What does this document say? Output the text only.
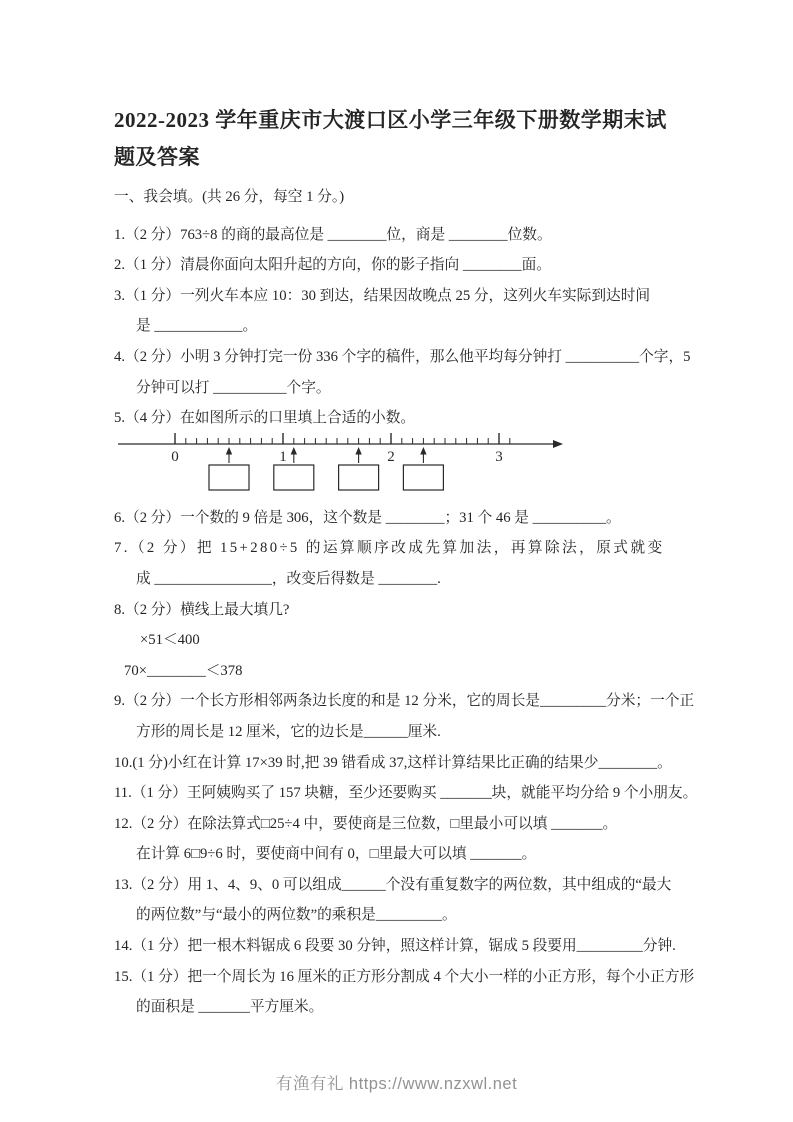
2022-2023 学年重庆市大渡口区小学三年级下册数学期末试
题及答案

一、我会填。(共 26 分，每空 1 分。)

1.（2 分）763÷8 的商的最高位是 ________位，商是 ________位数。

2.（1 分）清晨你面向太阳升起的方向，你的影子指向 ________面。

3.（1 分）一列火车本应 10：30 到达，结果因故晚点 25 分，这列火车实际到达时间

是 ____________。

4.（2 分）小明 3 分钟打完一份 336 个字的稿件，那么他平均每分钟打 __________个字，5

分钟可以打 __________个字。

5.（4 分）在如图所示的口里填上合适的小数。

0	1	2	3

6.（2 分）一个数的 9 倍是 306，这个数是 ________；31 个 46 是 __________。

7.（2 分）把 15+280÷5 的运算顺序改成先算加法，再算除法，原式就变

成 ________________，改变后得数是 ________.

8.（2 分）横线上最大填几?

×51＜400

70×________＜378

9.（2 分）一个长方形相邻两条边长度的和是 12 分米，它的周长是_________分米；一个正

方形的周长是 12 厘米，它的边长是______厘米.

10.(1 分)小红在计算 17×39 时,把 39 错看成 37,这样计算结果比正确的结果少________。

11.（1 分）王阿姨购买了 157 块糖，至少还要购买 _______块，就能平均分给 9 个小朋友。

12.（2 分）在除法算式□25÷4 中，要使商是三位数，□里最小可以填 _______。

在计算 6□9÷6 时，要使商中间有 0，□里最大可以填 _______。

13.（2 分）用 1、4、9、0 可以组成______个没有重复数字的两位数，其中组成的“最大

的两位数”与“最小的两位数”的乘积是_________。

14.（1 分）把一根木料锯成 6 段要 30 分钟，照这样计算，锯成 5 段要用_________分钟.

15.（1 分）把一个周长为 16 厘米的正方形分割成 4 个大小一样的小正方形，每个小正方形

的面积是 _______平方厘米。

有渔有礼 https://www.nzxwl.net
